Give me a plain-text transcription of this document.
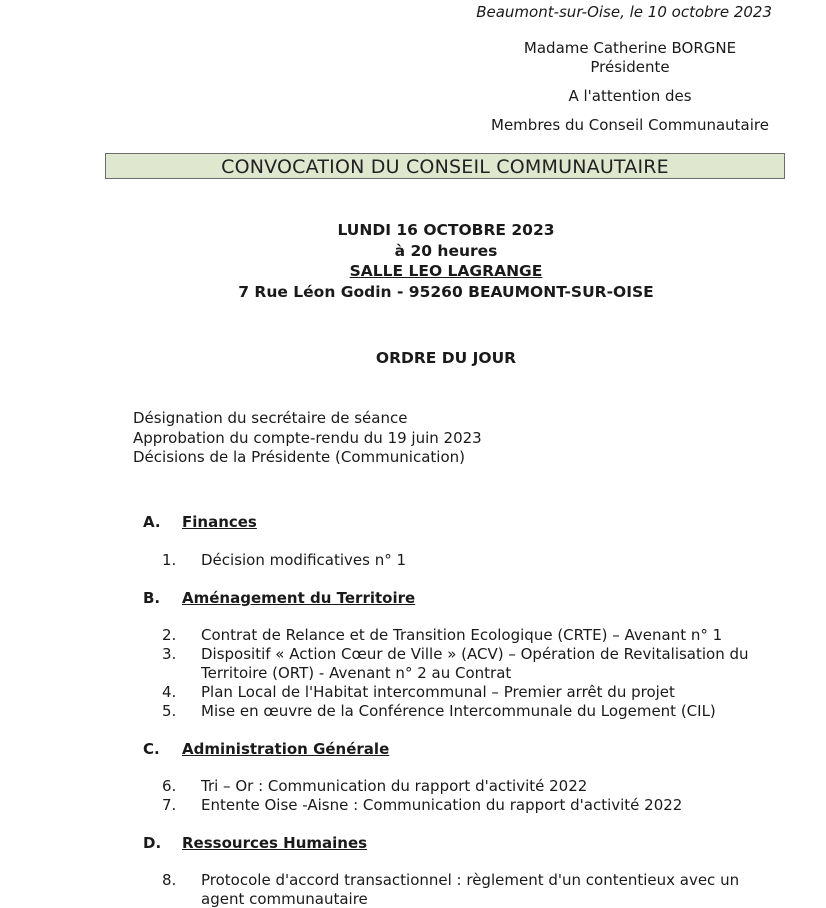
Beaumont-sur-Oise, le 10 octobre 2023
Madame Catherine BORGNE
Présidente
A l'attention des
Membres du Conseil Communautaire
CONVOCATION DU CONSEIL COMMUNAUTAIRE
LUNDI 16 OCTOBRE 2023
à 20 heures
SALLE LEO LAGRANGE
7 Rue Léon Godin - 95260 BEAUMONT-SUR-OISE
ORDRE DU JOUR
Désignation du secrétaire de séance
Approbation du compte-rendu du 19 juin 2023
Décisions de la Présidente (Communication)
A. Finances
1. Décision modificatives n° 1
B. Aménagement du Territoire
2. Contrat de Relance et de Transition Ecologique (CRTE) – Avenant n° 1
3. Dispositif « Action Cœur de Ville » (ACV) – Opération de Revitalisation du
Territoire (ORT) - Avenant n° 2 au Contrat
4. Plan Local de l'Habitat intercommunal – Premier arrêt du projet
5. Mise en œuvre de la Conférence Intercommunale du Logement (CIL)
C. Administration Générale
6. Tri – Or : Communication du rapport d'activité 2022
7. Entente Oise -Aisne : Communication du rapport d'activité 2022
D. Ressources Humaines
8. Protocole d'accord transactionnel : règlement d'un contentieux avec un
agent communautaire
